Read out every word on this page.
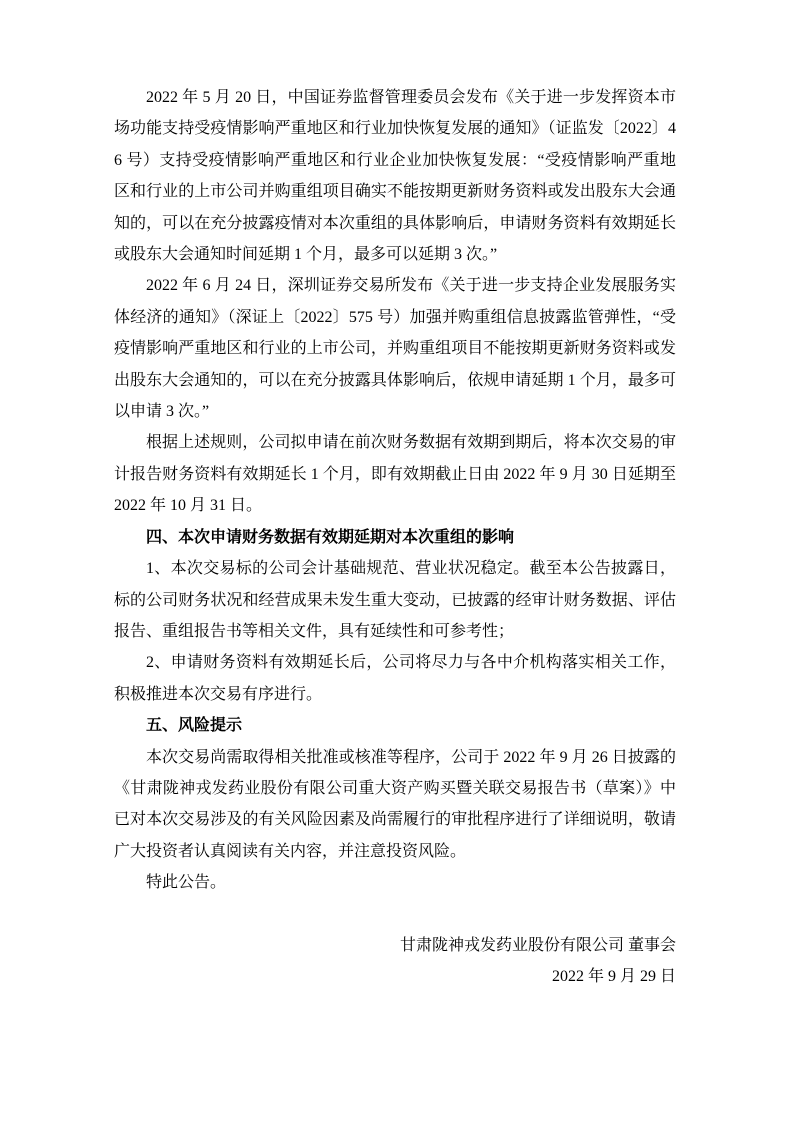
2022 年 5 月 20 日，中国证券监督管理委员会发布《关于进一步发挥资本市场功能支持受疫情影响严重地区和行业加快恢复发展的通知》（证监发〔2022〕46 号）支持受疫情影响严重地区和行业企业加快恢复发展：“受疫情影响严重地区和行业的上市公司并购重组项目确实不能按期更新财务资料或发出股东大会通知的，可以在充分披露疫情对本次重组的具体影响后，申请财务资料有效期延长或股东大会通知时间延期 1 个月，最多可以延期 3 次。”

2022 年 6 月 24 日，深圳证券交易所发布《关于进一步支持企业发展服务实体经济的通知》（深证上〔2022〕575 号）加强并购重组信息披露监管弹性，“受疫情影响严重地区和行业的上市公司，并购重组项目不能按期更新财务资料或发出股东大会通知的，可以在充分披露具体影响后，依规申请延期 1 个月，最多可以申请 3 次。”

根据上述规则，公司拟申请在前次财务数据有效期到期后，将本次交易的审计报告财务资料有效期延长 1 个月，即有效期截止日由 2022 年 9 月 30 日延期至 2022 年 10 月 31 日。

四、本次申请财务数据有效期延期对本次重组的影响

1、本次交易标的公司会计基础规范、营业状况稳定。截至本公告披露日，标的公司财务状况和经营成果未发生重大变动，已披露的经审计财务数据、评估报告、重组报告书等相关文件，具有延续性和可参考性；

2、申请财务资料有效期延长后，公司将尽力与各中介机构落实相关工作，积极推进本次交易有序进行。

五、风险提示

本次交易尚需取得相关批准或核准等程序，公司于 2022 年 9 月 26 日披露的《甘肃陇神戎发药业股份有限公司重大资产购买暨关联交易报告书（草案）》中已对本次交易涉及的有关风险因素及尚需履行的审批程序进行了详细说明，敬请广大投资者认真阅读有关内容，并注意投资风险。

特此公告。

甘肃陇神戎发药业股份有限公司 董事会

2022 年 9 月 29 日
